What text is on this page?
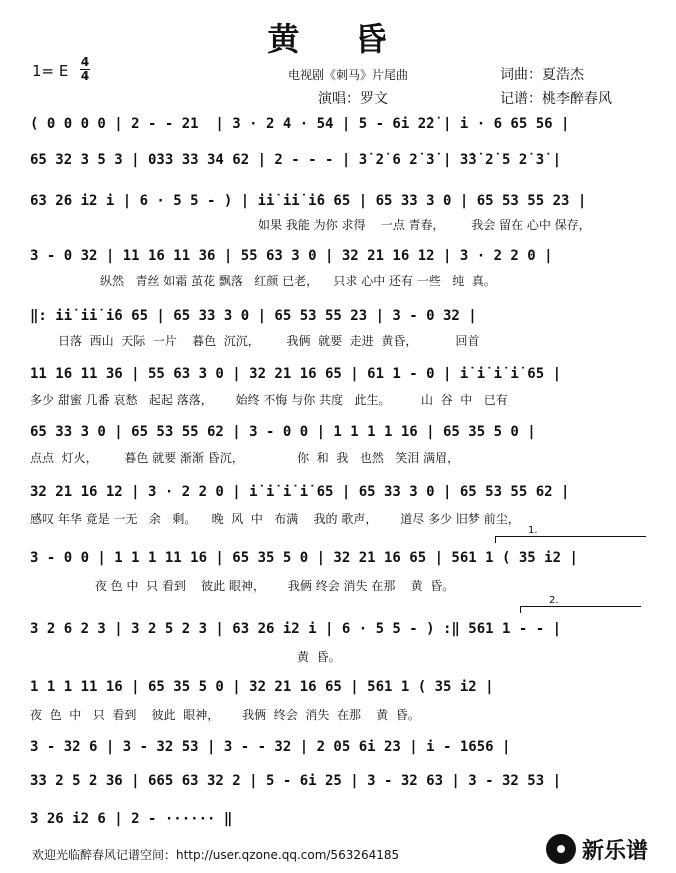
黄 昏
1= E 4
4	电视剧《刺马》片尾曲	词曲：夏浩杰
演唱：罗文	记谱：桃李醉春风
( 0 0 0 0 | 2 - - 21  | 3 · 2 4 · 54 | 5 - 6i 2̇2̇ | i · 6 65 56 |
65 32 3 5 3 | 033 33 34 62 | 2 - - - | 3̇ 2̇ 6 2̇ 3̇ | 3̇3̇ 2̇ 5 2̇ 3̇ |
63 26 i2 i | 6 · 5 5 - ) | i̇i̇ i̇i̇ i̇6 65 | 65 33 3 0 | 65 53 55 23 |
如果 我能 为你 求得    一点 青春，       我会 留在 心中 保存，
3 - 0 32 | 11 16 11 36 | 55 63 3 0 | 32 21 16 12 | 3 · 2 2 0 |
纵然   青丝 如霜 茧花 飘落   红颜 已老，    只求 心中 还有 一些   纯  真。
‖: i̇i̇ i̇i̇ i̇6 65 | 65 33 3 0 | 65 53 55 23 | 3 - 0 32 |
日落  西山  天际  一片    暮色  沉沉，       我俩  就要  走进  黄昏，          回首
11 16 11 36 | 55 63 3 0 | 32 21 16 65 | 61 1 - 0 | i̇ i̇ i̇ i̇ 65 |
多少 甜蜜 几番 哀愁   起起 落落，      始终 不悔 与你 共度   此生。        山  谷  中   已有
65 33 3 0 | 65 53 55 62 | 3 - 0 0 | 1 1 1 1 16 | 65 35 5 0 |
点点  灯火，       暮色 就要 渐渐 昏沉，              你  和  我   也然   笑泪 满眉，
32 21 16 12 | 3 · 2 2 0 | i̇ i̇ i̇ i̇ 65 | 65 33 3 0 | 65 53 55 62 |
感叹 年华 竟是 一无   余   剩。    晚  风  中   布满    我的 歌声，      道尽 多少 旧梦 前尘，
3 - 0 0 | 1 1 1 11 16 | 65 35 5 0 | 32 21 16 65 | 561 1 ( 35 i2 |
夜 色 中  只 看到    彼此 眼神，      我俩 终会 消失 在那    黄  昏。
1.
3 2 6 2 3 | 3 2 5 2 3 | 63 26 i2 i | 6 · 5 5 - ) :‖ 561 1 - - |
黄  昏。
2.
1 1 1 11 16 | 65 35 5 0 | 32 21 16 65 | 561 1 ( 35 i2 |
夜  色  中   只  看到    彼此  眼神，      我俩  终会  消失  在那    黄  昏。
3 - 32 6 | 3 - 32 53 | 3 - - 32 | 2 05 6i 23 | i - 1656 |
33 2 5 2 36 | 665 63 32 2 | 5 - 6i 25 | 3 - 32 63 | 3 - 32 53 |
3 26 i2 6 | 2 - ······ ‖
欢迎光临醉春风记谱空间：http://user.qzone.qq.com/563264185	新乐谱
